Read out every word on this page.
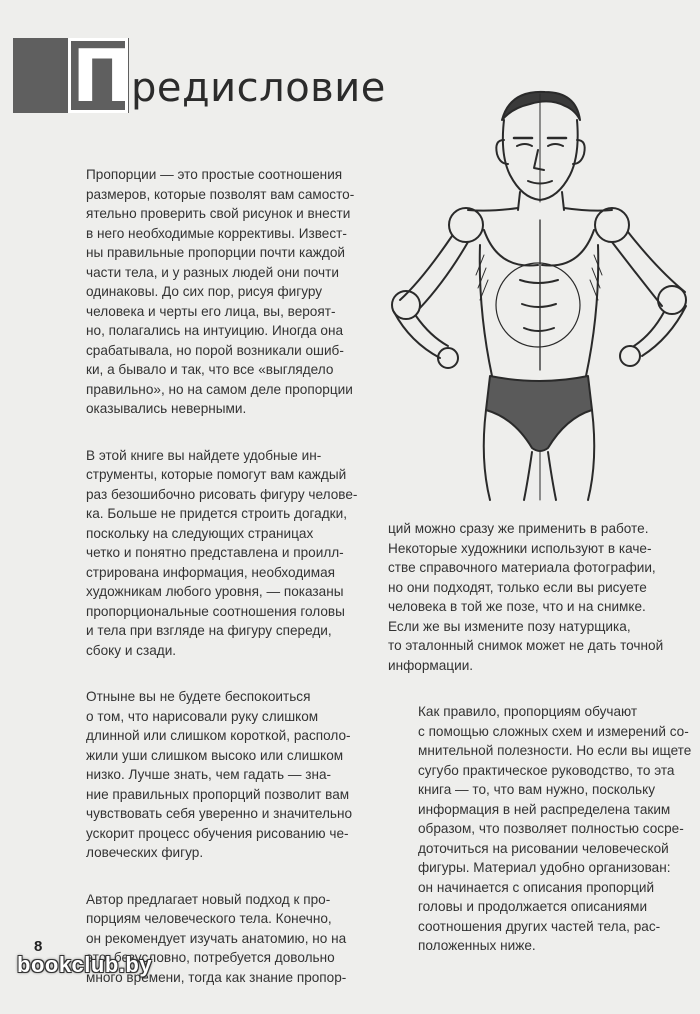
П
редисловие

Пропорции — это простые соотношения
размеров, которые позволят вам самосто-
ятельно проверить свой рисунок и внести
в него необходимые коррективы. Извест-
ны правильные пропорции почти каждой
части тела, и у разных людей они почти
одинаковы. До сих пор, рисуя фигуру
человека и черты его лица, вы, вероят-
но, полагались на интуицию. Иногда она
срабатывала, но порой возникали ошиб-
ки, а бывало и так, что все «выглядело
правильно», но на самом деле пропорции
оказывались неверными.

В этой книге вы найдете удобные ин-
струменты, которые помогут вам каждый
раз безошибочно рисовать фигуру челове-
ка. Больше не придется строить догадки,
поскольку на следующих страницах
четко и понятно представлена и проилл-
стрирована информация, необходимая
художникам любого уровня, — показаны
пропорциональные соотношения головы
и тела при взгляде на фигуру спереди,
сбоку и сзади.

Отныне вы не будете беспокоиться
о том, что нарисовали руку слишком
длинной или слишком короткой, располо-
жили уши слишком высоко или слишком
низко. Лучше знать, чем гадать — зна-
ние правильных пропорций позволит вам
чувствовать себя уверенно и значительно
ускорит процесс обучения рисованию че-
ловеческих фигур.

Автор предлагает новый подход к про-
порциям человеческого тела. Конечно,
он рекомендует изучать анатомию, но на
это, безусловно, потребуется довольно
много времени, тогда как знание пропор-

ций можно сразу же применить в работе.
Некоторые художники используют в каче-
стве справочного материала фотографии,
но они подходят, только если вы рисуете
человека в той же позе, что и на снимке.
Если же вы измените позу натурщика,
то эталонный снимок может не дать точной
информации.

Как правило, пропорциям обучают
с помощью сложных схем и измерений со-
мнительной полезности. Но если вы ищете
сугубо практическое руководство, то эта
книга — то, что вам нужно, поскольку
информация в ней распределена таким
образом, что позволяет полностью сосре-
доточиться на рисовании человеческой
фигуры. Материал удобно организован:
он начинается с описания пропорций
головы и продолжается описаниями
соотношения других частей тела, рас-
положенных ниже.

8
bookclub.by
